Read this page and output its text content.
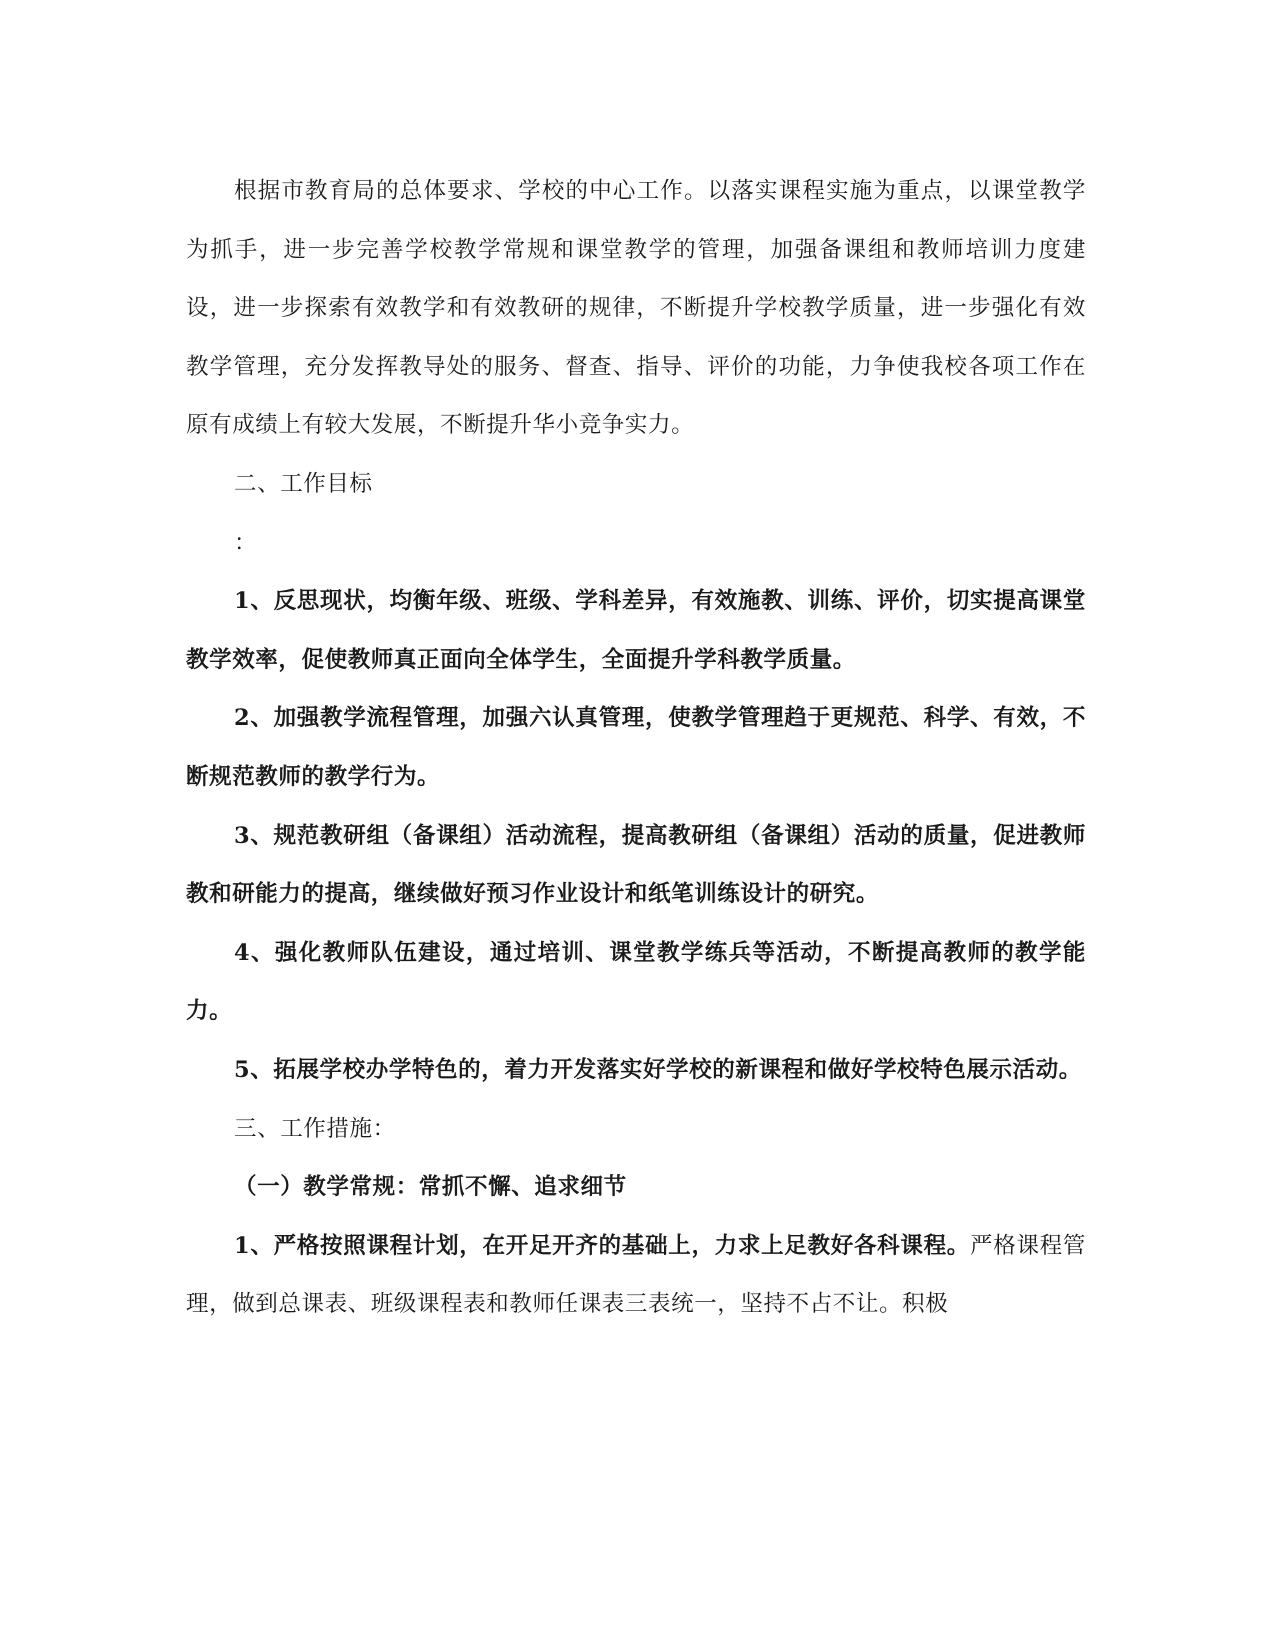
根据市教育局的总体要求、学校的中心工作。以落实课程实施为重点，以课堂教学为抓手，进一步完善学校教学常规和课堂教学的管理，加强备课组和教师培训力度建设，进一步探索有效教学和有效教研的规律，不断提升学校教学质量，进一步强化有效教学管理，充分发挥教导处的服务、督查、指导、评价的功能，力争使我校各项工作在原有成绩上有较大发展，不断提升华小竞争实力。

二、工作目标

：

1、反思现状，均衡年级、班级、学科差异，有效施教、训练、评价，切实提高课堂教学效率，促使教师真正面向全体学生，全面提升学科教学质量。

2、加强教学流程管理，加强六认真管理，使教学管理趋于更规范、科学、有效，不断规范教师的教学行为。

3、规范教研组（备课组）活动流程，提高教研组（备课组）活动的质量，促进教师教和研能力的提高，继续做好预习作业设计和纸笔训练设计的研究。

4、强化教师队伍建设，通过培训、课堂教学练兵等活动，不断提高教师的教学能力。

5、拓展学校办学特色的，着力开发落实好学校的新课程和做好学校特色展示活动。

三、工作措施：

（一）教学常规：常抓不懈、追求细节

1、严格按照课程计划，在开足开齐的基础上，力求上足教好各科课程。严格课程管理，做到总课表、班级课程表和教师任课表三表统一，坚持不占不让。积极
